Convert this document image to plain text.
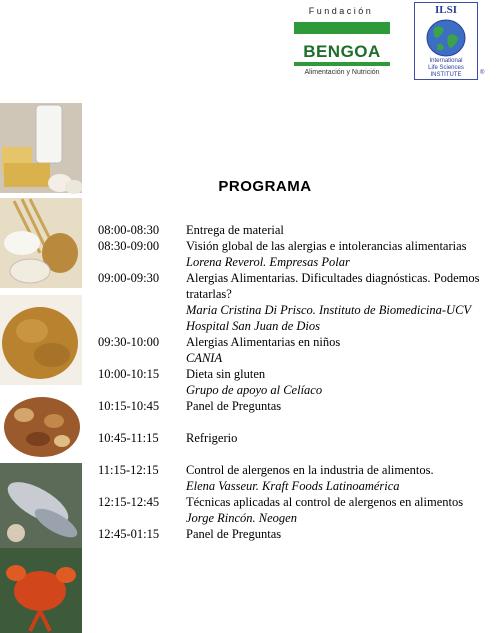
Fundación
BENGOA
Alimentación y Nutrición
ILSI
International
Life Sciences
INSTITUTE	®
PROGRAMA
08:00-08:30	Entrega de material
08:30-09:00	Visión global de las alergias e intolerancias alimentarias
Lorena Reverol. Empresas Polar
09:00-09:30	Alergias Alimentarias. Dificultades diagnósticas. Podemos tratarlas?
Maria Cristina Di Prisco. Instituto de Biomedicina-UCV Hospital San Juan de Dios
09:30-10:00	Alergias Alimentarias en niños
CANIA
10:00-10:15	Dieta sin gluten
Grupo de apoyo al Celíaco
10:15-10:45	Panel de Preguntas
10:45-11:15	Refrigerio
11:15-12:15	Control de alergenos en la industria de alimentos.
Elena Vasseur. Kraft Foods Latinoamérica
12:15-12:45	Técnicas aplicadas al control de alergenos en alimentos
Jorge Rincón. Neogen
12:45-01:15	Panel de Preguntas
